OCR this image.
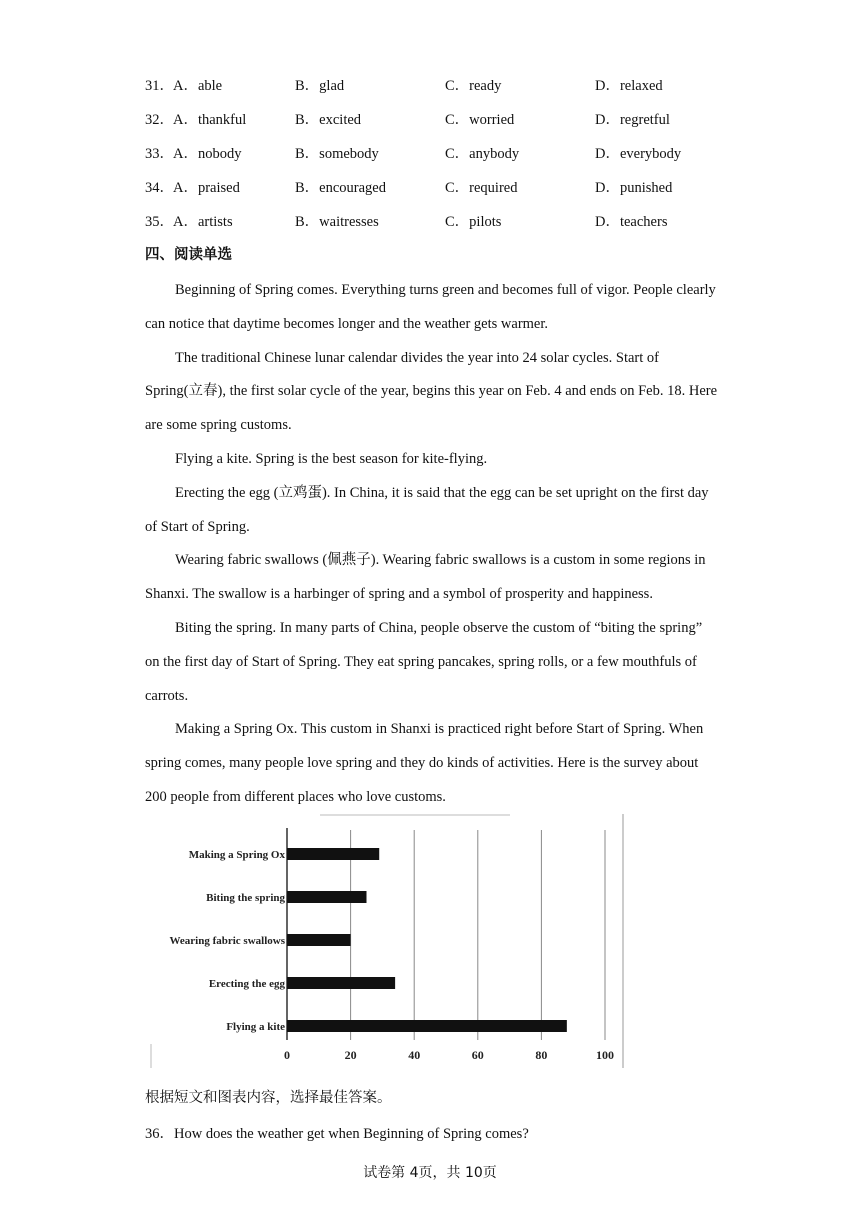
31． A．able	B．glad	C．ready	D．relaxed
32． A．thankful	B．excited	C．worried	D．regretful
33． A．nobody	B．somebody	C．anybody	D．everybody
34． A．praised	B．encouraged	C．required	D．punished
35． A．artists	B．waitresses	C．pilots	D．teachers
四、阅读单选

Beginning of Spring comes. Everything turns green and becomes full of vigor. People clearly can notice that daytime becomes longer and the weather gets warmer.

The traditional Chinese lunar calendar divides the year into 24 solar cycles. Start of Spring(立春), the first solar cycle of the year, begins this year on Feb. 4 and ends on Feb. 18. Here are some spring customs.

Flying a kite. Spring is the best season for kite-flying.

Erecting the egg (立鸡蛋). In China, it is said that the egg can be set upright on the first day of Start of Spring.

Wearing fabric swallows (佩燕子). Wearing fabric swallows is a custom in some regions in Shanxi. The swallow is a harbinger of spring and a symbol of prosperity and happiness.

Biting the spring. In many parts of China, people observe the custom of “biting the spring” on the first day of Start of Spring. They eat spring pancakes, spring rolls, or a few mouthfuls of carrots.

Making a Spring Ox. This custom in Shanxi is practiced right before Start of Spring. When spring comes, many people love spring and they do kinds of activities. Here is the survey about 200 people from different places who love customs.

Making a Spring Ox
Biting the spring
Wearing fabric swallows
Erecting the egg
Flying a kite
0	20	40	60	80	100
根据短文和图表内容，选择最佳答案。
36．How does the weather get when Beginning of Spring comes?
试卷第 4页，共 10页
